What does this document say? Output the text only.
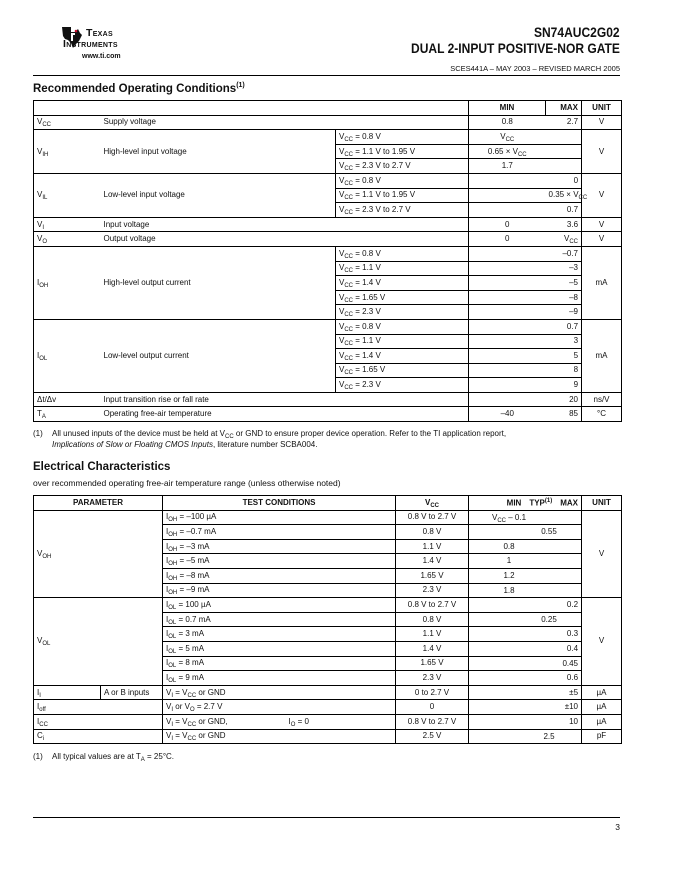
Texas
Instruments
www.ti.com
SN74AUC2G02
DUAL 2-INPUT POSITIVE-NOR GATE
SCES441A – MAY 2003 – REVISED MARCH 2005
Recommended Operating Conditions$^{(1)}$
			MIN	MAX	UNIT
$V_{CC}$	Supply voltage		0.8	2.7	V
$V_{IH}$	High-level input voltage	$V_{CC} = 0.8$ V	$V_{CC}$		V
		$V_{CC} = 1.1$ V to 1.95 V	$0.65 \times V_{CC}$	
		$V_{CC} = 2.3$ V to 2.7 V	1.7		
$V_{IL}$	Low-level input voltage	$V_{CC} = 0.8$ V		0	V
		$V_{CC} = 1.1$ V to 1.95 V		$0.35 \times V_{CC}$
		$V_{CC} = 2.3$ V to 2.7 V		0.7	
$V_I$	Input voltage		0	3.6	V
$V_O$	Output voltage		0	$V_{CC}$	V
$I_{OH}$	High-level output current	$V_{CC} = 0.8$ V		–0.7	mA
		$V_{CC} = 1.1$ V		–3	
		$V_{CC} = 1.4$ V		–5	
		$V_{CC} = 1.65$ V		–8	
		$V_{CC} = 2.3$ V		–9	
$I_{OL}$	Low-level output current	$V_{CC} = 0.8$ V		0.7	mA
		$V_{CC} = 1.1$ V		3	
		$V_{CC} = 1.4$ V		5	
		$V_{CC} = 1.65$ V		8	
		$V_{CC} = 2.3$ V		9	
Δt/Δv	Input transition rise or fall rate			20	ns/V
$T_A$	Operating free-air temperature		–40	85	°C
(1) All unused inputs of the device must be held at $V_{CC}$ or GND to ensure proper device operation. Refer to the TI application report,
Implications of Slow or Floating CMOS Inputs, literature number SCBA004.
Electrical Characteristics
over recommended operating free-air temperature range (unless otherwise noted)
PARAMETER		TEST CONDITIONS	$V_{CC}$	MIN  TYP$^{(1)}$  MAX	UNIT
$V_{OH}$		$I_{OH} = -100$ µA	0.8 V to 2.7 V	$V_{CC} - 0.1$	V
		$I_{OH} = -0.7$ mA	0.8 V	0.55	

		$I_{OH} = -3$ mA	1.1 V	0.8	

		$I_{OH} = -5$ mA	1.4 V	1	

		$I_{OH} = -8$ mA	1.65 V	1.2	

		$I_{OH} = -9$ mA	2.3 V	1.8	

$V_{OL}$		$I_{OL} = 100$ µA	0.8 V to 2.7 V	0.2	V
		$I_{OL} = 0.7$ mA	0.8 V	0.25	

		$I_{OL} = 3$ mA	1.1 V	0.3	

		$I_{OL} = 5$ mA	1.4 V	0.4	

		$I_{OL} = 8$ mA	1.65 V	0.45	

		$I_{OL} = 9$ mA	2.3 V	0.6	

$I_I$	A or B inputs	$V_I = V_{CC}$ or GND	0 to 2.7 V	±5	µA
$I_{off}$		$V_I$ or $V_O = 2.7$ V	0	±10	µA
$I_{CC}$		$V_I = V_{CC}$ or GND, $I_O = 0$	0.8 V to 2.7 V	10	µA
$C_i$		$V_I = V_{CC}$ or GND	2.5 V	2.5	pF
(1) All typical values are at $T_A = 25^\circ C$.
3
